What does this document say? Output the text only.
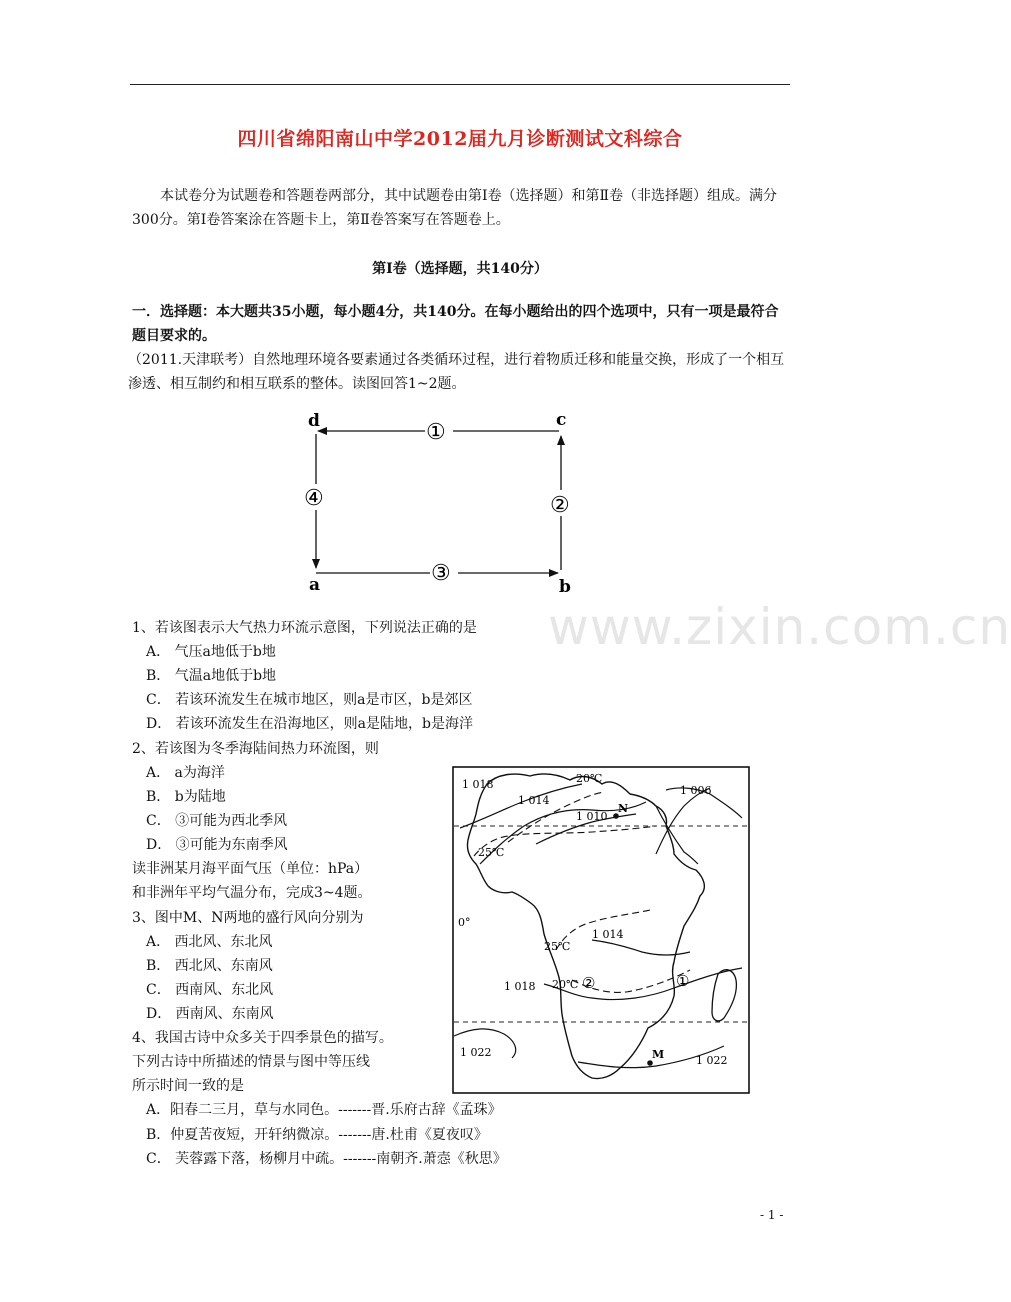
四川省绵阳南山中学2012届九月诊断测试文科综合
本试卷分为试题卷和答题卷两部分，其中试题卷由第Ⅰ卷（选择题）和第Ⅱ卷（非选择题）组成。满分300分。第Ⅰ卷答案涂在答题卡上，第Ⅱ卷答案写在答题卷上。
第Ⅰ卷（选择题，共140分）
一．选择题：本大题共35小题，每小题4分，共140分。在每小题给出的四个选项中，只有一项是最符合题目要求的。
（2011.天津联考）自然地理环境各要素通过各类循环过程，进行着物质迁移和能量交换，形成了一个相互渗透、相互制约和相互联系的整体。读图回答1~2题。
d	c
a	b
①
②
④
③
1、若该图表示大气热力环流示意图，下列说法正确的是
A． 气压a地低于b地
B． 气温a地低于b地
C． 若该环流发生在城市地区，则a是市区，b是郊区
D． 若该环流发生在沿海地区，则a是陆地，b是海洋
2、若该图为冬季海陆间热力环流图，则
A． a为海洋
B． b为陆地
C． ③可能为西北季风
D． ③可能为东南季风
读非洲某月海平面气压（单位：hPa）
和非洲年平均气温分布，完成3~4题。
3、图中M、N两地的盛行风向分别为
A． 西北风、东北风
B． 西北风、东南风
C． 西南风、东北风
D． 西南风、东南风
4、我国古诗中众多关于四季景色的描写。
下列古诗中所描述的情景与图中等压线
所示时间一致的是
A．阳春二三月，草与水同色。-------晋.乐府古辞《孟珠》
B．仲夏苦夜短，开轩纳微凉。-------唐.杜甫《夏夜叹》
C． 芙蓉露下落，杨柳月中疏。-------南朝齐.萧悫《秋思》
1 018
1 014
20℃
1 006
1 010
N
25℃
0°
25℃
1 014
1 018 20℃ ②	①
1 022	M	1 022
www.zixin.com.cn
- 1 -
